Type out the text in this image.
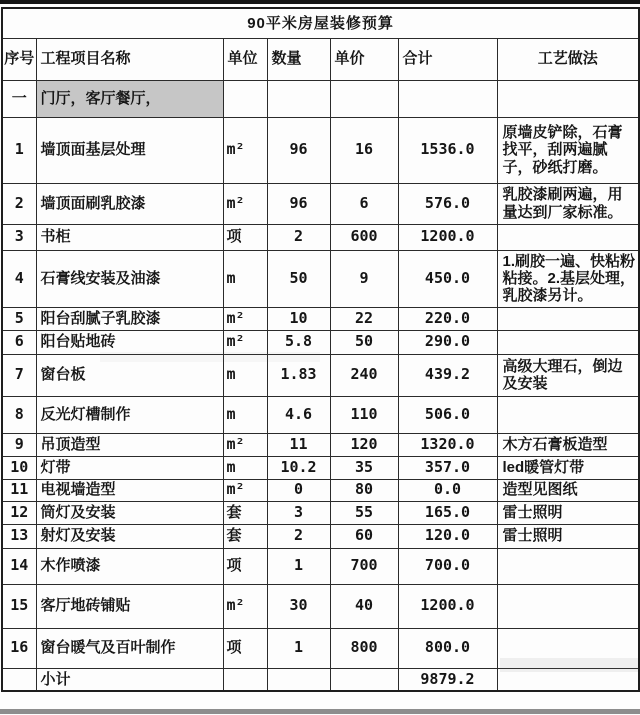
90平米房屋装修预算						
序号	工程项目名称	单位	数量	单价	合计	工艺做法
一	门厅，客厅餐厅，					
1	墙顶面基层处理	m²	96	16	1536.0	原墙皮铲除，石膏找平，刮两遍腻子，砂纸打磨。
2	墙顶面刷乳胶漆	m²	96	6	576.0	乳胶漆刷两遍，用量达到厂家标准。
3	书柜	项	2	600	1200.0	
4	石膏线安装及油漆	m	50	9	450.0	1.刷胶一遍、快粘粉粘接。2.基层处理，乳胶漆另计。
5	阳台刮腻子乳胶漆	m²	10	22	220.0	
6	阳台贴地砖	m²	5.8	50	290.0	
7	窗台板	m	1.83	240	439.2	高级大理石，倒边及安装
8	反光灯槽制作	m	4.6	110	506.0	
9	吊顶造型	m²	11	120	1320.0	木方石膏板造型
10	灯带	m	10.2	35	357.0	led暖管灯带
11	电视墙造型	m²	0	80	0.0	造型见图纸
12	筒灯及安装	套	3	55	165.0	雷士照明
13	射灯及安装	套	2	60	120.0	雷士照明
14	木作喷漆	项	1	700	700.0	
15	客厅地砖铺贴	m²	30	40	1200.0	
16	窗台暖气及百叶制作	项	1	800	800.0	
	小计				9879.2	
